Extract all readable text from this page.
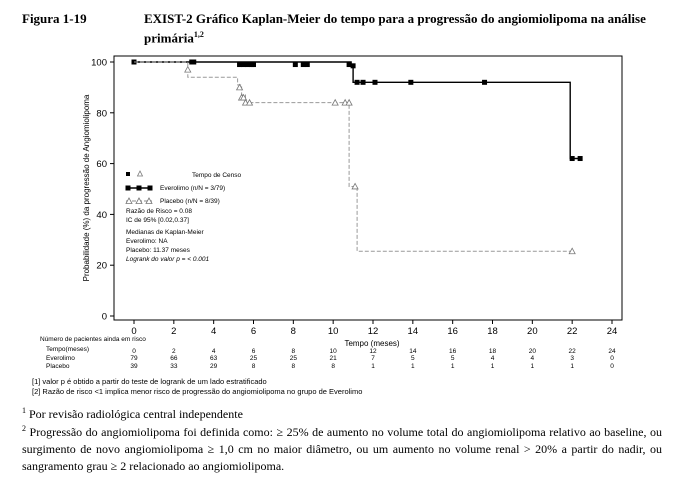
Figura 1-19	EXIST-2 Gráfico Kaplan-Meier do tempo para a progressão do angiomiolipoma na análise primária$^{1,2}$
0
20
40
60
80
100
0	2	4	6	8	10	12	14	16	18	20	22	24
Tempo (meses)
Probabilidade (%) da progressão de Angiomiolipoma	Tempo de Censo
Everolimo (n/N = 3/79)
Placebo (n/N = 8/39)
Razão de Risco = 0.08
IC de 95% [0.02,0.37]
Medianas de Kaplan-Meier
Everolimo: NA
Placebo: 11.37 meses
Logrank do valor p = < 0.001
Número de pacientes ainda em risco
Tempo(meses)	0	2	4	6	8	10	12	14	16	18	20	22	24
Everolimo	79	66	63	25	25	21	7	5	5	4	4	3	0
Placebo	39	33	29	8	8	8	1	1	1	1	1	1	0
[1] valor p é obtido a partir do teste de logrank de um lado estratificado
[2] Razão de risco <1 implica menor risco de progressão do angiomiolipoma no grupo de Everolimo
$^1$ Por revisão radiológica central independente
$^2$ Progressão do angiomiolipoma foi definida como: ≥ 25% de aumento no volume total do angiomiolipoma relativo ao baseline, ou surgimento de novo angiomiolipoma ≥ 1,0 cm no maior diâmetro, ou um aumento no volume renal > 20% a partir do nadir, ou sangramento grau ≥ 2 relacionado ao angiomiolipoma.
